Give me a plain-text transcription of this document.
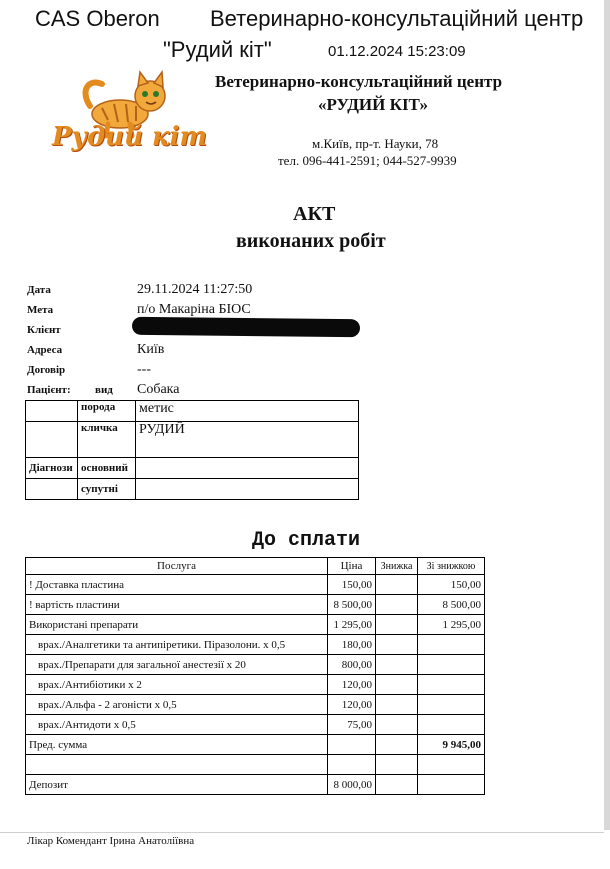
CAS Oberon Ветеринарно-консультаційний центр
"Рудий кіт"	01.12.2024 15:23:09
Рудий кіт
Ветеринарно-консультаційний центр
«РУДИЙ КІТ»
м.Київ, пр-т. Науки, 78
тел. 096-441-2591; 044-527-9939
АКТ
виконаних робіт
Дата	29.11.2024 11:27:50
Мета	п/о Макаріна БІОС
Клієнт
Адреса	Київ
Договір	---
Пацієнт: вид Собака
	порода	метис
	кличка	РУДИЙ
Діагнози	основний	
	супутні	
До сплати
Послуга	Ціна	Знижка	Зі знижкою
! Доставка пластина	150,00		150,00
! вартість пластини	8 500,00		8 500,00
Використані препарати	1 295,00		1 295,00
врах./Аналгетики та антипіретики. Піразолони. х 0,5	180,00		
врах./Препарати для загальної анестезії х 20	800,00		
врах./Антибіотики х 2	120,00		
врах./Альфа - 2 агоністи х 0,5	120,00		
врах./Антидоти х 0,5	75,00		
Пред. сумма			9 945,00

Депозит	8 000,00		
Лікар Комендант Ірина Анатоліївна
